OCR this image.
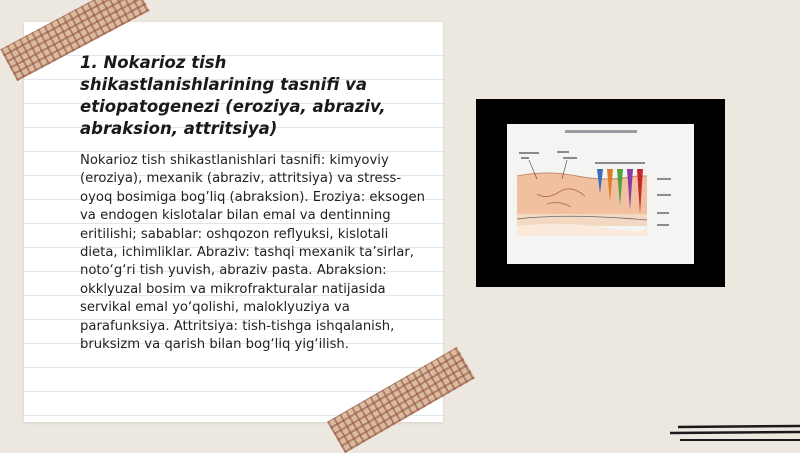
1. Nokarioz tish shikastlanishlarining tasnifi va etiopatogenezi (eroziya, abraziv, abraksion, attritsiya)

Nokarioz tish shikastlanishlari tasnifi: kimyoviy (eroziya), mexanik (abraziv, attritsiya) va stress-oyoq bosimiga bog’liq (abraksion). Eroziya: eksogen va endogen kislotalar bilan emal va dentinning eritilishi; sabablar: oshqozon reflyuksi, kislotali dieta, ichimliklar. Abraziv: tashqi mexanik ta’sirlar, noto‘g‘ri tish yuvish, abraziv pasta. Abraksion: okklyuzal bosim va mikrofrakturalar natijasida servikal emal yo‘qolishi, maloklyuziya va parafunksiya. Attritsiya: tish-tishga ishqalanish, bruksizm va qarish bilan bog‘liq yig‘ilish.
